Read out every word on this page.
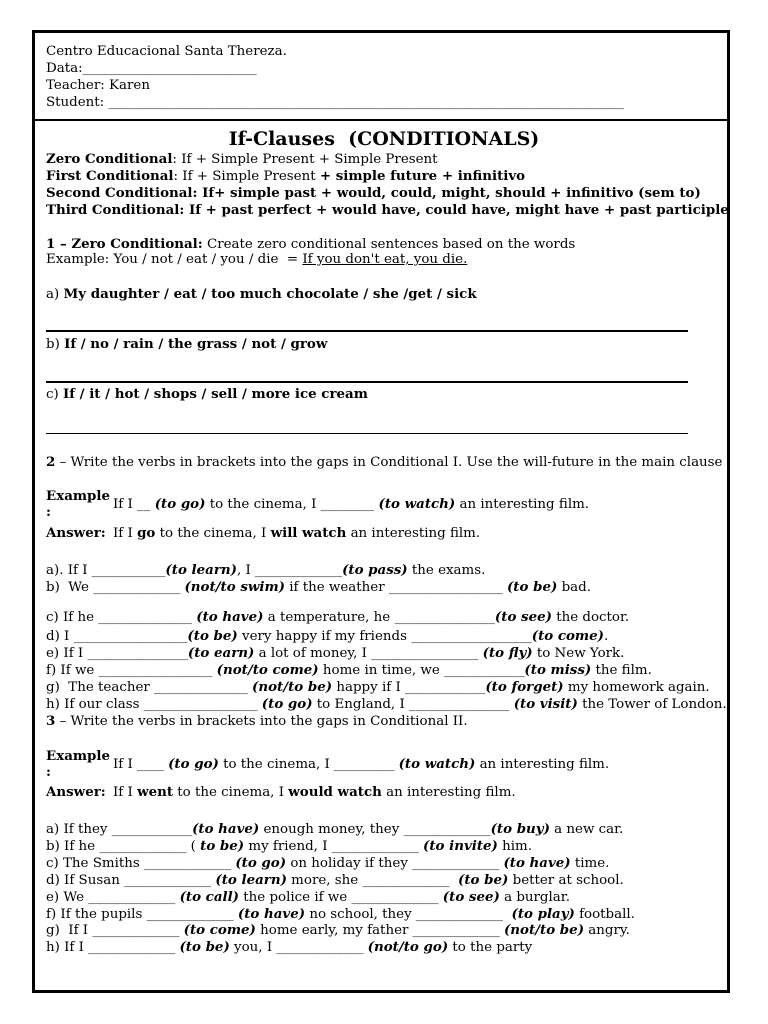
Centro Educacional Santa Thereza.
Data:__________________________
Teacher: Karen
Student: _____________________________________________________________________________
If-Clauses  (CONDITIONALS)
Zero Conditional: If + Simple Present + Simple Present
First Conditional: If + Simple Present + simple future + infinitivo
Second Conditional: If+ simple past + would, could, might, should + infinitivo (sem to)
Third Conditional: If + past perfect + would have, could have, might have + past participle
1 – Zero Conditional: Create zero conditional sentences based on the words
Example: You / not / eat / you / die  = If you don't eat, you die.
a) My daughter / eat / too much chocolate / she /get / sick
b) If / no / rain / the grass / not / grow
c) If / it / hot / shops / sell / more ice cream
2 – Write the verbs in brackets into the gaps in Conditional I. Use the will-future in the main clause
Example
:	If I __ (to go) to the cinema, I ________ (to watch) an interesting film.
Answer: If I go to the cinema, I will watch an interesting film.
a). If I ___________(to learn), I _____________(to pass) the exams.
b)  We _____________ (not/to swim) if the weather _________________ (to be) bad.
c) If he ______________ (to have) a temperature, he _______________(to see) the doctor.
d) I _________________(to be) very happy if my friends __________________(to come).
e) If I _______________(to earn) a lot of money, I ________________ (to fly) to New York.
f) If we _________________ (not/to come) home in time, we ____________(to miss) the film.
g)  The teacher ______________ (not/to be) happy if I ____________(to forget) my homework again.
h) If our class _________________ (to go) to England, I _______________ (to visit) the Tower of London.
3 – Write the verbs in brackets into the gaps in Conditional II.
Example
:	If I ____ (to go) to the cinema, I _________ (to watch) an interesting film.
Answer: If I went to the cinema, I would watch an interesting film.
a) If they ____________(to have) enough money, they _____________(to buy) a new car.
b) If he _____________ ( to be) my friend, I _____________ (to invite) him.
c) The Smiths _____________ (to go) on holiday if they _____________ (to have) time.
d) If Susan _____________ (to learn) more, she _____________  (to be) better at school.
e) We _____________ (to call) the police if we _____________ (to see) a burglar.
f) If the pupils _____________ (to have) no school, they _____________  (to play) football.
g)  If I _____________ (to come) home early, my father _____________ (not/to be) angry.
h) If I _____________ (to be) you, I _____________ (not/to go) to the party
